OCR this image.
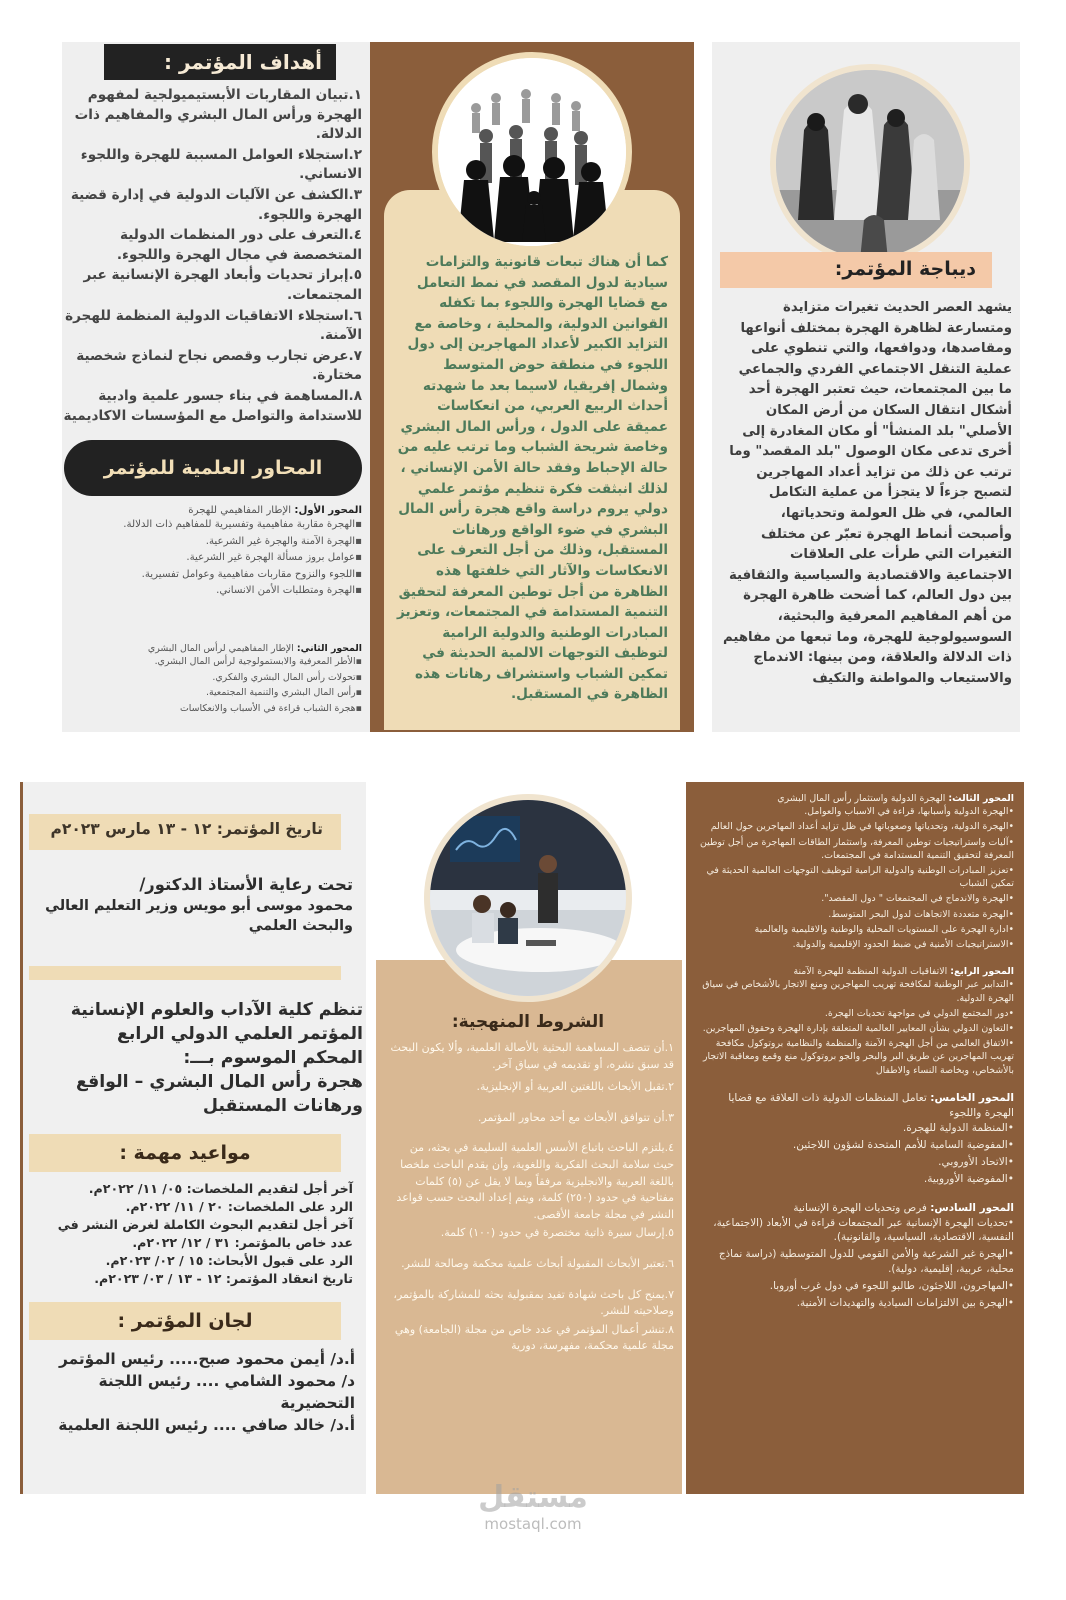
ديباجة المؤتمر:
يشهد العصر الحديث تغيرات متزايدة ومتسارعة لظاهرة الهجرة بمختلف أنواعها ومقاصدها، ودوافعها، والتي تنطوي على عملية التنقل الاجتماعي الفردي والجماعي ما بين المجتمعات، حيث تعتبر الهجرة أحد أشكال انتقال السكان من أرض المكان الأصلي" بلد المنشأ" أو مكان المغادرة إلى أخرى تدعى مكان الوصول "بلد المقصد" وما ترتب عن ذلك من تزايد أعداد المهاجرين لتصبح جزءاً لا يتجزأ من عملية التكامل العالمي، في ظل العولمة وتحدياتها، وأصبحت أنماط الهجرة تعبّر عن مختلف التغيرات التي طرأت على العلاقات الاجتماعية والاقتصادية والسياسية والثقافية بين دول العالم، كما أضحت ظاهرة الهجرة من أهم المفاهيم المعرفية والبحثية، السوسيولوجية للهجرة، وما تبعها من مفاهيم ذات الدلالة والعلاقة، ومن بينها: الاندماج والاستيعاب والمواطنة والتكيف
كما أن هناك تبعات قانونية والتزامات سيادية لدول المقصد في نمط التعامل مع قضايا الهجرة واللجوء بما تكفله القوانين الدولية، والمحلية ، وخاصة مع التزايد الكبير لأعداد المهاجرين إلى دول اللجوء في منطقة حوض المتوسط وشمال إفريقيا، لاسيما بعد ما شهدته أحداث الربيع العربي، من انعكاسات عميقة على الدول ، ورأس المال البشري وخاصة شريحة الشباب وما ترتب عليه من حالة الإحباط وفقد حالة الأمن الإنساني ، لذلك انبثقت فكرة تنظيم مؤتمر علمي دولي يروم دراسة واقع هجرة رأس المال البشري في ضوء الواقع ورهانات المستقبل، وذلك من أجل التعرف على الانعكاسات والآثار التي خلفتها هذه الظاهرة من أجل توطين المعرفة لتحقيق التنمية المستدامة في المجتمعات، وتعزيز المبادرات الوطنية والدولية الرامية لتوظيف التوجهات الالمية الحديثة في تمكين الشباب واستشراف رهانات هذه الظاهرة في المستقبل.
أهداف المؤتمر :
١.تبيان المقاربات الأبستيميولجية لمفهوم الهجرة ورأس المال البشري والمفاهيم ذات الدلالة.
٢.استجلاء العوامل المسببة للهجرة واللجوء الانساني.
٣.الكشف عن الآليات الدولية في إدارة قضية الهجرة واللجوء.
٤.التعرف على دور المنظمات الدولية المتخصصة في مجال الهجرة واللجوء.
٥.إبراز تحديات وأبعاد الهجرة الإنسانية عبر المجتمعات.
٦.استجلاء الاتفاقيات الدولية المنظمة للهجرة الآمنة.
٧.عرض تجارب وقصص نجاح لنماذج شخصية مختارة.
٨.المساهمة في بناء جسور علمية وادبية للاستدامة والتواصل مع المؤسسات الاكاديمية
المحاور العلمية للمؤتمر
المحور الأول: الإطار المفاهيمي للهجرة
▪الهجرة مقاربة مفاهيمية وتفسيرية للمفاهيم ذات الدلالة.
▪الهجرة الآمنة والهجرة غير الشرعية.
▪عوامل بروز مسألة الهجرة غير الشرعية.
▪اللجوء والنزوح مقاربات مفاهيمية وعوامل تفسيرية.
▪الهجرة ومتطلبات الأمن الانساني.
المحور الثاني: الإطار المفاهيمي لرأس المال البشري
▪الأطر المعرفية والابستمولوجية لرأس المال البشري.
▪تحولات رأس المال البشري والفكري.
▪رأس المال البشري والتنمية المجتمعية.
▪هجرة الشباب قراءة في الأسباب والانعكاسات
المحور الثالث: الهجرة الدولية واستثمار رأس المال البشري
•الهجرة الدولية وأسبابها، قراءة في الاسباب والعوامل.
•الهجرة الدولية، وتحدياتها وصعوباتها في ظل تزايد أعداد المهاجرين حول العالم
•آليات واستراتيجيات توطين المعرفة، واستثمار الطاقات المهاجرة من أجل توطين المعرفة لتحقيق التنمية المستدامة في المجتمعات.
•تعزيز المبادرات الوطنية والدولية الرامية لتوظيف التوجهات العالمية الحديثة في تمكين الشباب
•الهجرة والاندماج في المجتمعات " دول المقصد".
•الهجرة متعددة الاتجاهات لدول البحر المتوسط.
•ادارة الهجرة على المستويات المحلية والوطنية والاقليمية والعالمية
•الاستراتيجيات الأمنية في ضبط الحدود الإقليمية والدولية.
المحور الرابع: الاتفاقيات الدولية المنظمة للهجرة الآمنة
•التدابير عبر الوطنية لمكافحة تهريب المهاجرين ومنع الاتجار بالأشخاص في سياق الهجرة الدولية.
•دور المجتمع الدولي في مواجهة تحديات الهجرة.
•التعاون الدولي بشأن المعايير العالمية المتعلقة بإدارة الهجرة وحقوق المهاجرين.
•الاتفاق العالمي من أجل الهجرة الآمنة والمنظمة والنظامية بروتوكول مكافحة تهريب المهاجرين عن طريق البر والبحر والجو بروتوكول منع وقمع ومعاقبة الاتجار بالأشخاص، وبخاصة النساء والاطفال
المحور الخامس: تعامل المنظمات الدولية ذات العلاقة مع قضايا الهجرة واللجوء
•المنظمة الدولية للهجرة.
•المفوضية السامية للأمم المتحدة لشؤون اللاجئين.
•الاتحاد الأوروبي.
•المفوضية الأوروبية.
المحور السادس: فرص وتحديات الهجرة الإنسانية
•تحديات الهجرة الإنسانية عبر المجتمعات قراءة في الأبعاد (الاجتماعية، النفسية، الاقتصادية، السياسية، والقانونية).
•الهجرة غير الشرعية والأمن القومي للدول المتوسطية (دراسة نماذج محلية، عربية، إقليمية، دولية).
•المهاجرون، اللاجئون، طالبو اللجوء في دول غرب أوروبا.
•الهجرة بين الالتزامات السيادية والتهديدات الأمنية.
الشروط المنهجية:
١.أن تتصف المساهمة البحثية بالأصالة العلمية، وألا يكون البحث قد سبق نشره، أو تقديمه في سياق آخر.
٢.تقبل الأبحاث باللغتين العربية أو الإنجليزية.
٣.أن تتوافق الأبحاث مع أحد محاور المؤتمر.
٤.يلتزم الباحث باتباع الأسس العلمية السليمة في بحثه، من حيث سلامة البحث الفكرية واللغوية، وأن يقدم الباحث ملخصا باللغة العربية والانجليزية مرفقاً وبما لا يقل عن (٥) كلمات مفتاحية في حدود (٢٥٠) كلمة، ويتم إعداد البحث حسب قواعد النشر في مجلة جامعة الأقصى.
٥.إرسال سيرة ذاتية مختصرة في حدود (١٠٠) كلمة.
٦.تعتبر الأبحاث المقبولة أبحاث علمية محكمة وصالحة للنشر.
٧.يمنح كل باحث شهادة تفيد بمقبولية بحثه للمشاركة بالمؤتمر، وصلاحيته للنشر.
٨.تنشر أعمال المؤتمر في عدد خاص من مجلة (الجامعة) وهي مجلة علمية محكمة، مفهرسة، دورية
تاريخ المؤتمر: ١٢ - ١٣ مارس ٢٠٢٣م
تحت رعاية الأستاذ الدكتور/
محمود موسى أبو مويس وزير التعليم العالي والبحث العلمي
تنظم كلية الآداب والعلوم الإنسانية
المؤتمر العلمي الدولي الرابع
المحكم الموسوم بـــ:
هجرة رأس المال البشري – الواقع
ورهانات المستقبل
مواعيد مهمة :
آخر أجل لتقديم الملخصات: ٠٥/ ١١/ ٢٠٢٢م.
الرد على الملخصات: ٢٠ / ١١/ ٢٠٢٢م.
آخر أجل لتقديم البحوث الكاملة لغرض النشر في عدد خاص بالمؤتمر: ٣١ / ١٢/ ٢٠٢٢م.
الرد على قبول الأبحاث: ١٥ / ٠٢/ ٢٠٢٣م.
تاريخ انعقاد المؤتمر: ١٢ - ١٣ / ٠٣/ ٢٠٢٣م.
لجان المؤتمر :
أ.د/ أيمن محمود صبح..... رئيس المؤتمر
د/ محمود الشامي .... رئيس اللجنة التحضيرية
أ.د/ خالد صافي .... رئيس اللجنة العلمية
مستقل
mostaql.com
